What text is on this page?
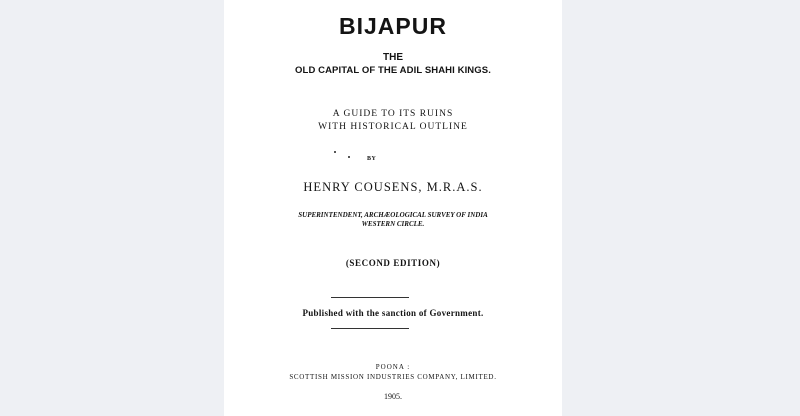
BIJAPUR
THE
OLD CAPITAL OF THE ADIL SHAHI KINGS.
A GUIDE TO ITS RUINS
WITH HISTORICAL OUTLINE
BY
HENRY COUSENS, M.R.A.S.
SUPERINTENDENT, ARCHÆOLOGICAL SURVEY OF INDIA
WESTERN CIRCLE.
(SECOND EDITION)
Published with the sanction of Government.
POONA :
SCOTTISH MISSION INDUSTRIES COMPANY, LIMITED.
1905.
